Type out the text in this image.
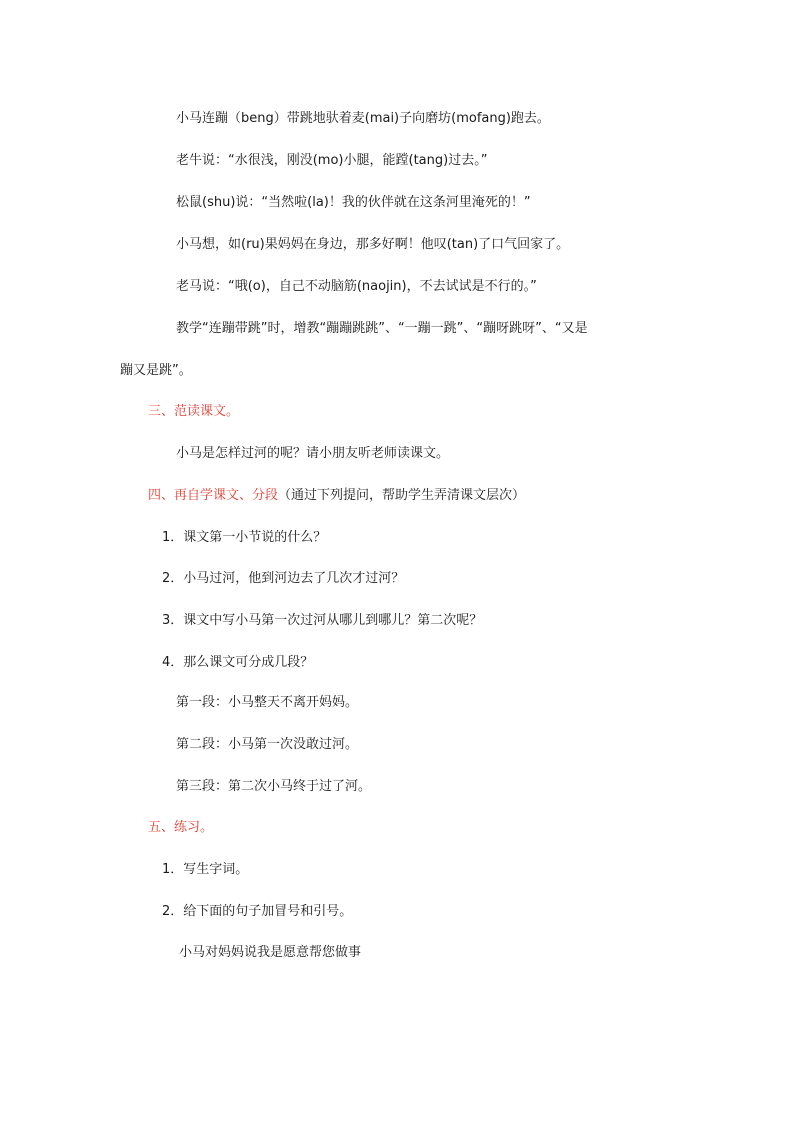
小马连蹦（beng）带跳地驮着麦(mai)子向磨坊(mofang)跑去。
老牛说：“水很浅，刚没(mo)小腿，能蹚(tang)过去。”
松鼠(shu)说：“当然啦(la)！我的伙伴就在这条河里淹死的！”
小马想，如(ru)果妈妈在身边，那多好啊！他叹(tan)了口气回家了。
老马说：“哦(o)，自己不动脑筋(naojin)，不去试试是不行的。”
教学“连蹦带跳”时，增教“蹦蹦跳跳”、“一蹦一跳”、“蹦呀跳呀”、“又是
蹦又是跳”。
三、范读课文。
小马是怎样过河的呢？请小朋友听老师读课文。
四、再自学课文、分段（通过下列提问，帮助学生弄清课文层次）
1．课文第一小节说的什么？
2．小马过河，他到河边去了几次才过河？
3．课文中写小马第一次过河从哪儿到哪儿？第二次呢？
4．那么课文可分成几段？
第一段：小马整天不离开妈妈。
第二段：小马第一次没敢过河。
第三段：第二次小马终于过了河。
五、练习。
1．写生字词。
2．给下面的句子加冒号和引号。
小马对妈妈说我是愿意帮您做事
